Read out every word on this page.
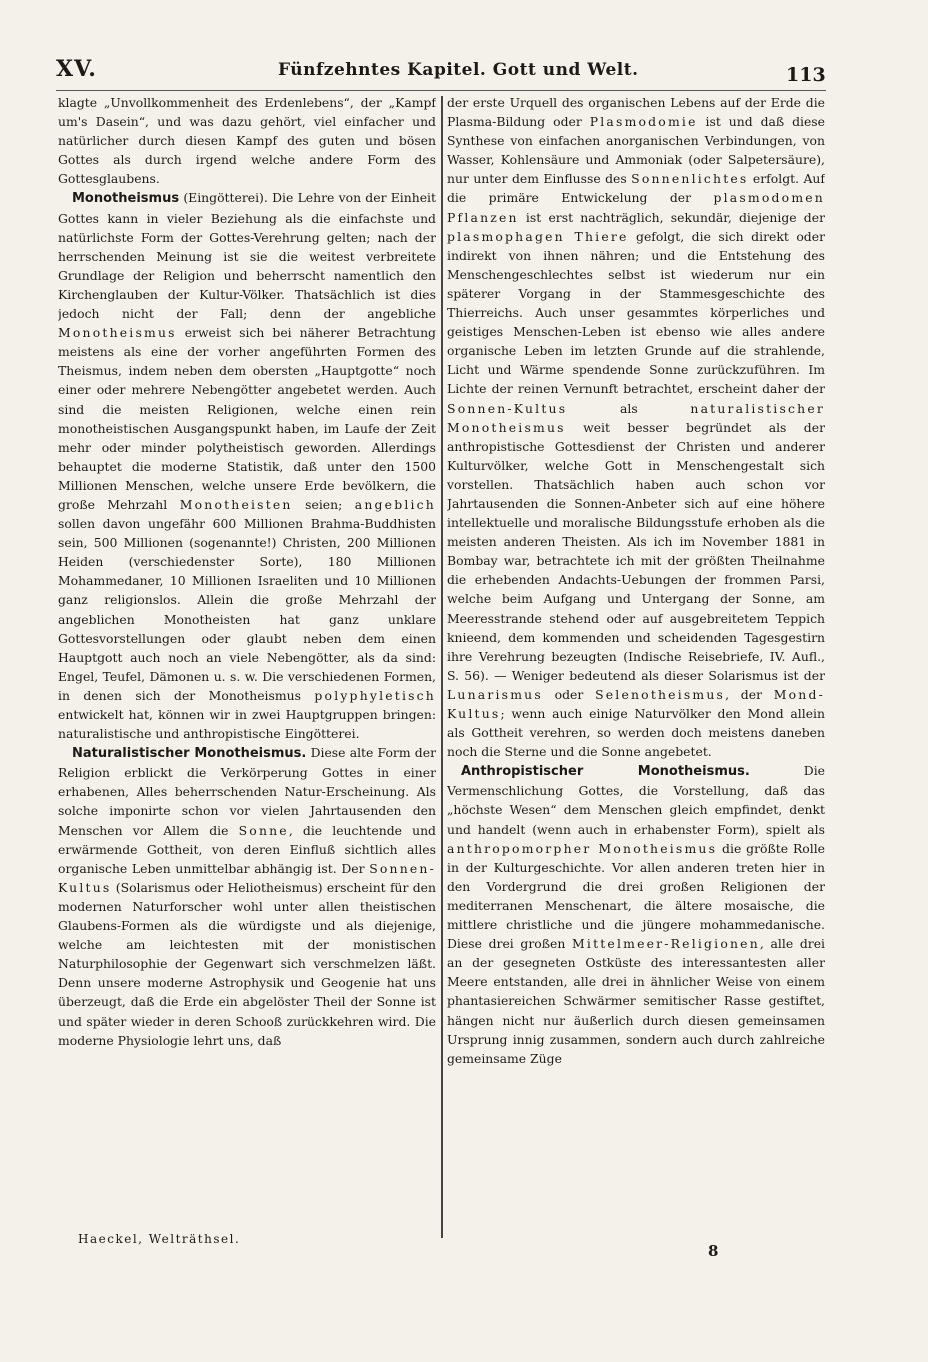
XV.	Fünfzehntes Kapitel. Gott und Welt.	113

klagte „Unvollkommenheit des Erdenlebens“, der „Kampf um's Dasein“, und was dazu gehört, viel einfacher und natürlicher durch diesen Kampf des guten und bösen Gottes als durch irgend welche andere Form des Gottesglaubens.

Monotheismus (Eingötterei). Die Lehre von der Einheit Gottes kann in vieler Beziehung als die einfachste und natürlichste Form der Gottes-Verehrung gelten; nach der herrschenden Meinung ist sie die weitest verbreitete Grundlage der Religion und beherrscht namentlich den Kirchenglauben der Kultur-Völker. Thatsächlich ist dies jedoch nicht der Fall; denn der angebliche Monotheismus erweist sich bei näherer Betrachtung meistens als eine der vorher angeführten Formen des Theismus, indem neben dem obersten „Hauptgotte“ noch einer oder mehrere Nebengötter angebetet werden. Auch sind die meisten Religionen, welche einen rein monotheistischen Ausgangspunkt haben, im Laufe der Zeit mehr oder minder polytheistisch geworden. Allerdings behauptet die moderne Statistik, daß unter den 1500 Millionen Menschen, welche unsere Erde bevölkern, die große Mehrzahl Monotheisten seien; angeblich sollen davon ungefähr 600 Millionen Brahma-Buddhisten sein, 500 Millionen (sogenannte!) Christen, 200 Millionen Heiden (verschiedenster Sorte), 180 Millionen Mohammedaner, 10 Millionen Israeliten und 10 Millionen ganz religionslos. Allein die große Mehrzahl der angeblichen Monotheisten hat ganz unklare Gottesvorstellungen oder glaubt neben dem einen Hauptgott auch noch an viele Nebengötter, als da sind: Engel, Teufel, Dämonen u. s. w. Die verschiedenen Formen, in denen sich der Monotheismus polyphyletisch entwickelt hat, können wir in zwei Hauptgruppen bringen: naturalistische und anthropistische Eingötterei.

Naturalistischer Monotheismus. Diese alte Form der Religion erblickt die Verkörperung Gottes in einer erhabenen, Alles beherrschenden Natur-Erscheinung. Als solche imponirte schon vor vielen Jahrtausenden den Menschen vor Allem die Sonne, die leuchtende und erwärmende Gottheit, von deren Einfluß sichtlich alles organische Leben unmittelbar abhängig ist. Der Sonnen-Kultus (Solarismus oder Heliotheismus) erscheint für den modernen Naturforscher wohl unter allen theistischen Glaubens-Formen als die würdigste und als diejenige, welche am leichtesten mit der monistischen Naturphilosophie der Gegenwart sich verschmelzen läßt. Denn unsere moderne Astrophysik und Geogenie hat uns überzeugt, daß die Erde ein abgelöster Theil der Sonne ist und später wieder in deren Schooß zurückkehren wird. Die moderne Physiologie lehrt uns, daß

der erste Urquell des organischen Lebens auf der Erde die Plasma-Bildung oder Plasmodomie ist und daß diese Synthese von einfachen anorganischen Verbindungen, von Wasser, Kohlensäure und Ammoniak (oder Salpetersäure), nur unter dem Einflusse des Sonnenlichtes erfolgt. Auf die primäre Entwickelung der plasmodomen Pflanzen ist erst nachträglich, sekundär, diejenige der plasmophagen Thiere gefolgt, die sich direkt oder indirekt von ihnen nähren; und die Entstehung des Menschengeschlechtes selbst ist wiederum nur ein späterer Vorgang in der Stammesgeschichte des Thierreichs. Auch unser gesammtes körperliches und geistiges Menschen-Leben ist ebenso wie alles andere organische Leben im letzten Grunde auf die strahlende, Licht und Wärme spendende Sonne zurückzuführen. Im Lichte der reinen Vernunft betrachtet, erscheint daher der Sonnen-Kultus als naturalistischer Monotheismus weit besser begründet als der anthropistische Gottesdienst der Christen und anderer Kulturvölker, welche Gott in Menschengestalt sich vorstellen. Thatsächlich haben auch schon vor Jahrtausenden die Sonnen-Anbeter sich auf eine höhere intellektuelle und moralische Bildungsstufe erhoben als die meisten anderen Theisten. Als ich im November 1881 in Bombay war, betrachtete ich mit der größten Theilnahme die erhebenden Andachts-Uebungen der frommen Parsi, welche beim Aufgang und Untergang der Sonne, am Meeresstrande stehend oder auf ausgebreitetem Teppich knieend, dem kommenden und scheidenden Tagesgestirn ihre Verehrung bezeugten (Indische Reisebriefe, IV. Aufl., S. 56). — Weniger bedeutend als dieser Solarismus ist der Lunarismus oder Selenotheismus, der Mond-Kultus; wenn auch einige Naturvölker den Mond allein als Gottheit verehren, so werden doch meistens daneben noch die Sterne und die Sonne angebetet.

Anthropistischer Monotheismus. Die Vermenschlichung Gottes, die Vorstellung, daß das „höchste Wesen“ dem Menschen gleich empfindet, denkt und handelt (wenn auch in erhabenster Form), spielt als anthropomorpher Monotheismus die größte Rolle in der Kulturgeschichte. Vor allen anderen treten hier in den Vordergrund die drei großen Religionen der mediterranen Menschenart, die ältere mosaische, die mittlere christliche und die jüngere mohammedanische. Diese drei großen Mittelmeer-Religionen, alle drei an der gesegneten Ostküste des interessantesten aller Meere entstanden, alle drei in ähnlicher Weise von einem phantasiereichen Schwärmer semitischer Rasse gestiftet, hängen nicht nur äußerlich durch diesen gemeinsamen Ursprung innig zusammen, sondern auch durch zahlreiche gemeinsame Züge

Haeckel, Welträthsel.
8
